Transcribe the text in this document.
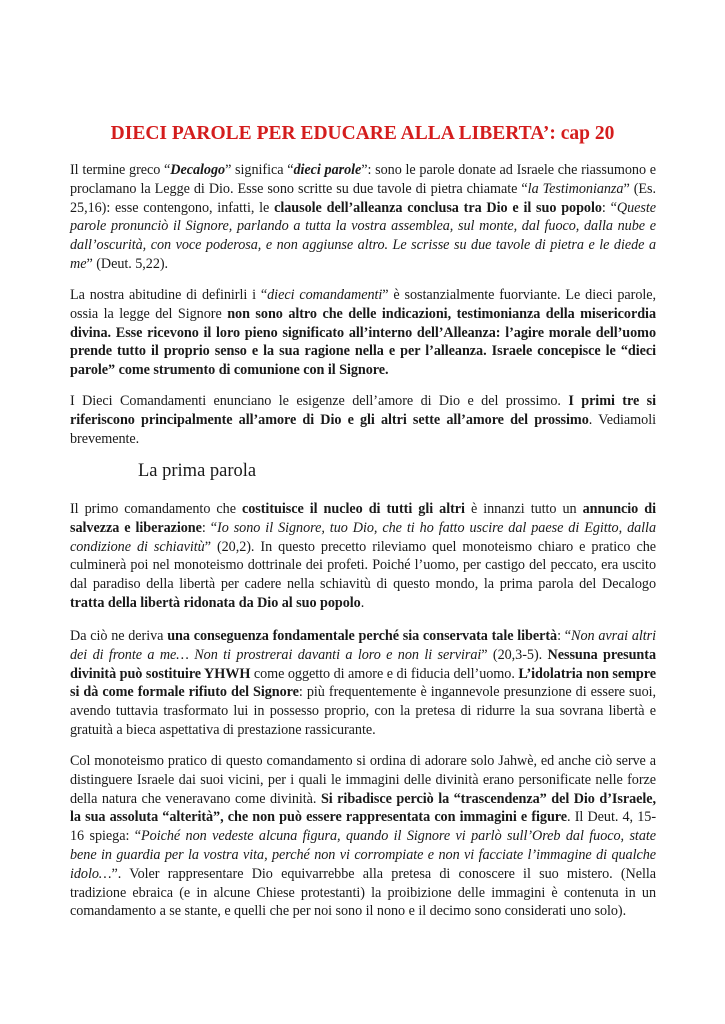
DIECI PAROLE PER EDUCARE ALLA LIBERTA’: cap 20

Il termine greco “Decalogo” significa “dieci parole”: sono le parole donate ad Israele che riassumono e proclamano la Legge di Dio. Esse sono scritte su due tavole di pietra chiamate “la Testimonianza” (Es. 25,16): esse contengono, infatti, le clausole dell’alleanza conclusa tra Dio e il suo popolo: “Queste parole pronunciò il Signore, parlando a tutta la vostra assemblea, sul monte, dal fuoco, dalla nube e dall’oscurità, con voce poderosa, e non aggiunse altro. Le scrisse su due tavole di pietra e le diede a me” (Deut. 5,22).

La nostra abitudine di definirli i “dieci comandamenti” è sostanzialmente fuorviante. Le dieci parole, ossia la legge del Signore non sono altro che delle indicazioni, testimonianza della misericordia divina. Esse ricevono il loro pieno significato all’interno dell’Alleanza: l’agire morale dell’uomo prende tutto il proprio senso e la sua ragione nella e per l’alleanza. Israele concepisce le “dieci parole” come strumento di comunione con il Signore.

I Dieci Comandamenti enunciano le esigenze dell’amore di Dio e del prossimo. I primi tre si riferiscono principalmente all’amore di Dio e gli altri sette all’amore del prossimo. Vediamoli brevemente.

La prima parola

Il primo comandamento che costituisce il nucleo di tutti gli altri è innanzi tutto un annuncio di salvezza e liberazione: “Io sono il Signore, tuo Dio, che ti ho fatto uscire dal paese di Egitto, dalla condizione di schiavitù” (20,2). In questo precetto rileviamo quel monoteismo chiaro e pratico che culminerà poi nel monoteismo dottrinale dei profeti. Poiché l’uomo, per castigo del peccato, era uscito dal paradiso della libertà per cadere nella schiavitù di questo mondo, la prima parola del Decalogo tratta della libertà ridonata da Dio al suo popolo.

Da ciò ne deriva una conseguenza fondamentale perché sia conservata tale libertà: “Non avrai altri dei di fronte a me… Non ti prostrerai davanti a loro e non li servirai” (20,3-5). Nessuna presunta divinità può sostituire YHWH come oggetto di amore e di fiducia dell’uomo. L’idolatria non sempre si dà come formale rifiuto del Signore: più frequentemente è ingannevole presunzione di essere suoi, avendo tuttavia trasformato lui in possesso proprio, con la pretesa di ridurre la sua sovrana libertà e gratuità a bieca aspettativa di prestazione rassicurante.

Col monoteismo pratico di questo comandamento si ordina di adorare solo Jahwè, ed anche ciò serve a distinguere Israele dai suoi vicini, per i quali le immagini delle divinità erano personificate nelle forze della natura che veneravano come divinità. Si ribadisce perciò la “trascendenza” del Dio d’Israele, la sua assoluta “alterità”, che non può essere rappresentata con immagini e figure. Il Deut. 4, 15-16 spiega: “Poiché non vedeste alcuna figura, quando il Signore vi parlò sull’Oreb dal fuoco, state bene in guardia per la vostra vita, perché non vi corrompiate e non vi facciate l’immagine di qualche idolo…”. Voler rappresentare Dio equivarrebbe alla pretesa di conoscere il suo mistero. (Nella tradizione ebraica (e in alcune Chiese protestanti) la proibizione delle immagini è contenuta in un comandamento a se stante, e quelli che per noi sono il nono e il decimo sono considerati uno solo).
